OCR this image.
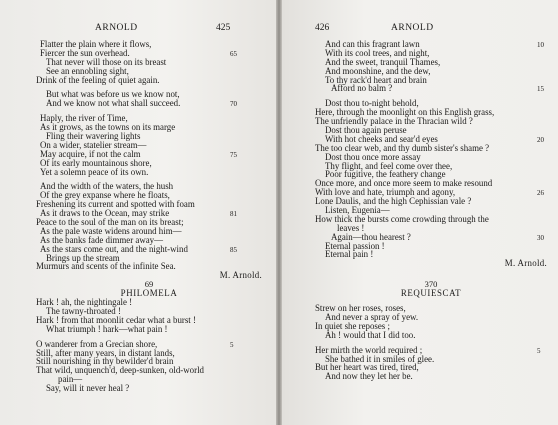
ARNOLD	425
Flatter the plain where it flows,
Fiercer the sun overhead.	65
That never will those on its breast
See an ennobling sight,
Drink of the feeling of quiet again.
But what was before us we know not,
And we know not what shall succeed.	70
Haply, the river of Time,
As it grows, as the towns on its marge
Fling their wavering lights
On a wider, statelier stream—
May acquire, if not the calm	75
Of its early mountainous shore,
Yet a solemn peace of its own.
And the width of the waters, the hush
Of the grey expanse where he floats,
Freshening its current and spotted with foam
As it draws to the Ocean, may strike	81
Peace to the soul of the man on its breast;
As the pale waste widens around him—
As the banks fade dimmer away—
As the stars come out, and the night-wind	85
Brings up the stream
Murmurs and scents of the infinite Sea.
M. Arnold.
69
PHILOMELA
Hark ! ah, the nightingale !
The tawny-throated !
Hark ! from that moonlit cedar what a burst !
What triumph ! hark—what pain !
O wanderer from a Grecian shore,	5
Still, after many years, in distant lands,
Still nourishing in thy bewilder'd brain
That wild, unquench'd, deep-sunken, old-world
pain—
Say, will it never heal ?
426	ARNOLD
And can this fragrant lawn	10
With its cool trees, and night,
And the sweet, tranquil Thames,
And moonshine, and the dew,
To thy rack'd heart and brain
Afford no balm ?	15
Dost thou to-night behold,
Here, through the moonlight on this English grass,
The unfriendly palace in the Thracian wild ?
Dost thou again peruse
With hot cheeks and sear'd eyes	20
The too clear web, and thy dumb sister's shame ?
Dost thou once more assay
Thy flight, and feel come over thee,
Poor fugitive, the feathery change
Once more, and once more seem to make resound
With love and hate, triumph and agony,	26
Lone Daulis, and the high Cephissian vale ?
Listen, Eugenia—
How thick the bursts come crowding through the
leaves !
Again—thou hearest ?	30
Eternal passion !
Eternal pain !
M. Arnold.
370
REQUIESCAT
Strew on her roses, roses,
And never a spray of yew.
In quiet she reposes ;
Ah ! would that I did too.
Her mirth the world required ;	5
She bathed it in smiles of glee.
But her heart was tired, tired,
And now they let her be.
